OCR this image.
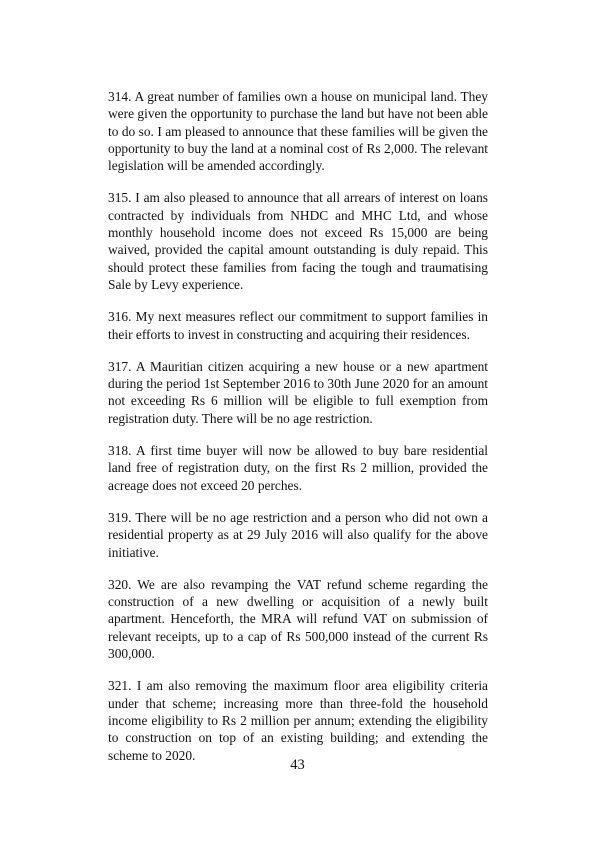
314. A great number of families own a house on municipal land. They were given the opportunity to purchase the land but have not been able to do so. I am pleased to announce that these families will be given the opportunity to buy the land at a nominal cost of Rs 2,000. The relevant legislation will be amended accordingly.

315. I am also pleased to announce that all arrears of interest on loans contracted by individuals from NHDC and MHC Ltd, and whose monthly household income does not exceed Rs 15,000 are being waived, provided the capital amount outstanding is duly repaid. This should protect these families from facing the tough and traumatising Sale by Levy experience.

316. My next measures reflect our commitment to support families in their efforts to invest in constructing and acquiring their residences.

317. A Mauritian citizen acquiring a new house or a new apartment during the period 1st September 2016 to 30th June 2020 for an amount not exceeding Rs 6 million will be eligible to full exemption from registration duty. There will be no age restriction.

318. A first time buyer will now be allowed to buy bare residential land free of registration duty, on the first Rs 2 million, provided the acreage does not exceed 20 perches.

319. There will be no age restriction and a person who did not own a residential property as at 29 July 2016 will also qualify for the above initiative.

320. We are also revamping the VAT refund scheme regarding the construction of a new dwelling or acquisition of a newly built apartment. Henceforth, the MRA will refund VAT on submission of relevant receipts, up to a cap of Rs 500,000 instead of the current Rs 300,000.

321. I am also removing the maximum floor area eligibility criteria under that scheme; increasing more than three-fold the household income eligibility to Rs 2 million per annum; extending the eligibility to construction on top of an existing building; and extending the scheme to 2020.

43
